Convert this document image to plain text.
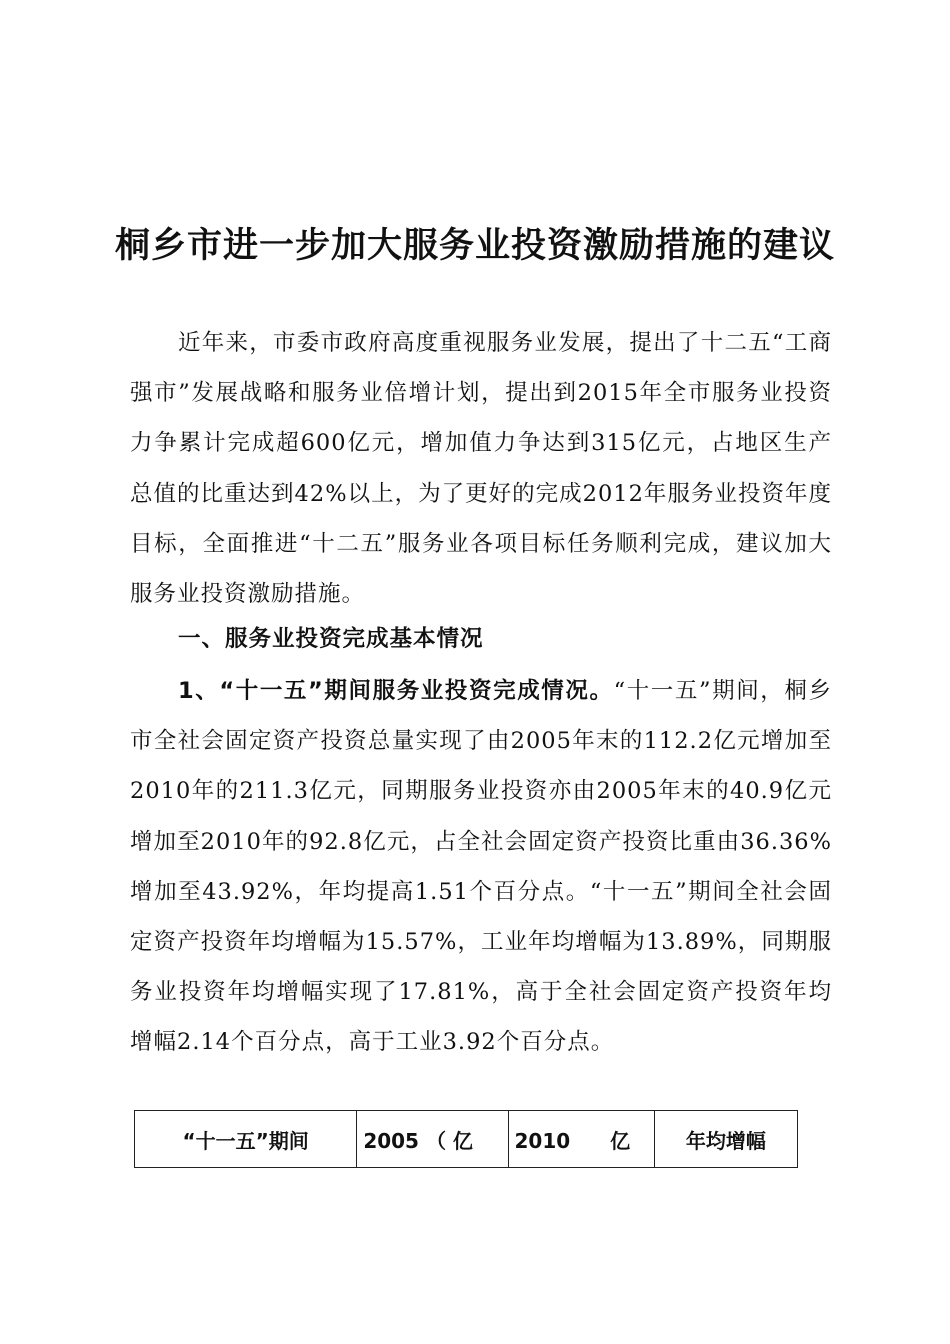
桐乡市进一步加大服务业投资激励措施的建议
近年来，市委市政府高度重视服务业发展，提出了十二五“工商强市”发展战略和服务业倍增计划，提出到2015年全市服务业投资力争累计完成超600亿元，增加值力争达到315亿元，占地区生产总值的比重达到42%以上，为了更好的完成2012年服务业投资年度目标，全面推进“十二五”服务业各项目标任务顺利完成，建议加大服务业投资激励措施。
一、服务业投资完成基本情况
1、“十一五”期间服务业投资完成情况。“十一五”期间，桐乡市全社会固定资产投资总量实现了由2005年末的112.2亿元增加至2010年的211.3亿元，同期服务业投资亦由2005年末的40.9亿元增加至2010年的92.8亿元，占全社会固定资产投资比重由36.36%增加至43.92%，年均提高1.51个百分点。“十一五”期间全社会固定资产投资年均增幅为15.57%，工业年均增幅为13.89%，同期服务业投资年均增幅实现了17.81%，高于全社会固定资产投资年均增幅2.14个百分点，高于工业3.92个百分点。
“十一五”期间	2005 （ 亿	2010　　亿	年均增幅
